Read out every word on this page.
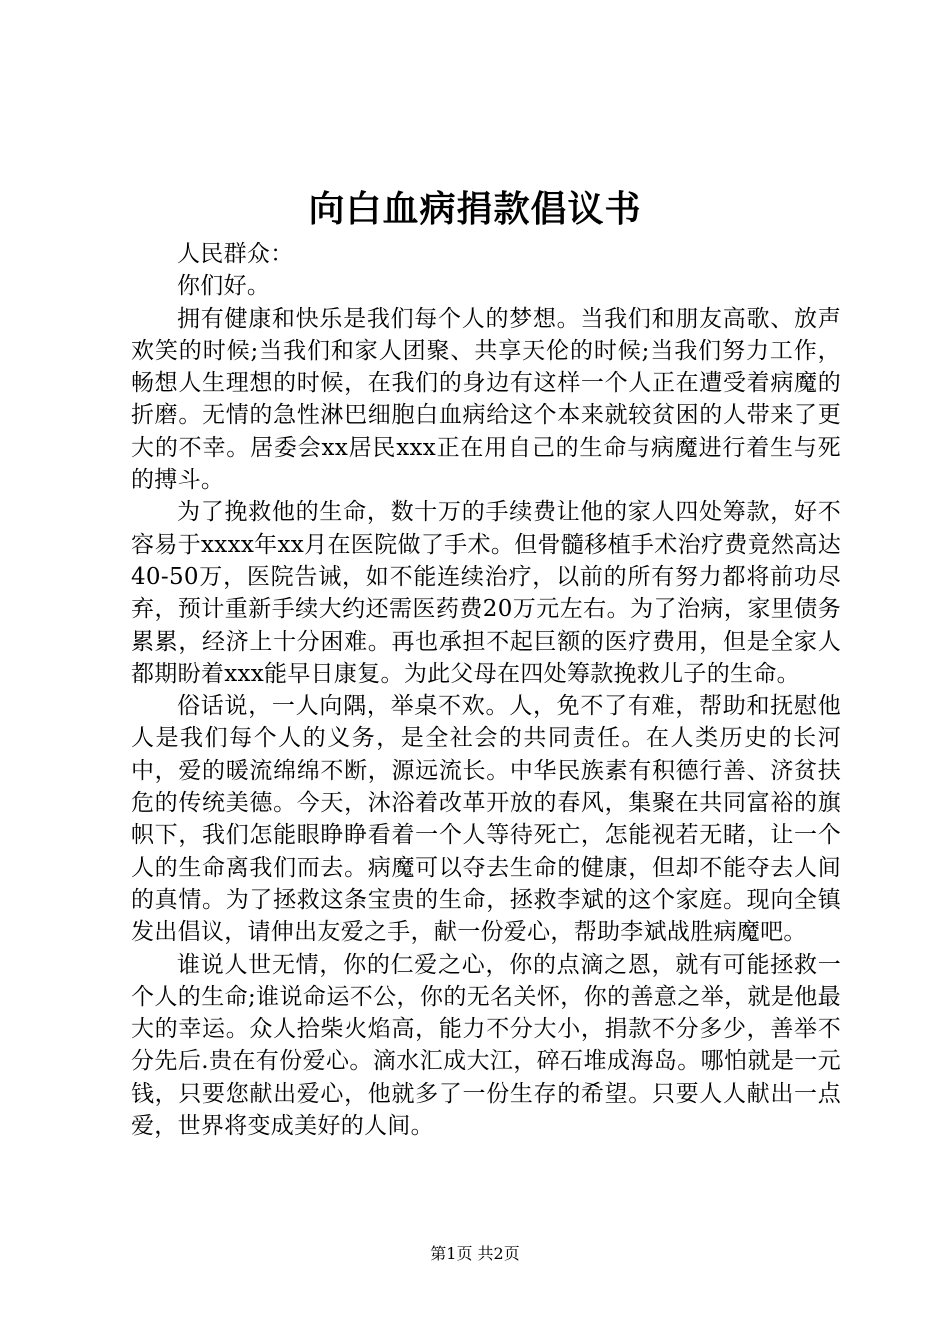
向白血病捐款倡议书

人民群众：

你们好。

拥有健康和快乐是我们每个人的梦想。当我们和朋友高歌、放声欢笑的时候;当我们和家人团聚、共享天伦的时候;当我们努力工作，畅想人生理想的时候，在我们的身边有这样一个人正在遭受着病魔的折磨。无情的急性淋巴细胞白血病给这个本来就较贫困的人带来了更大的不幸。居委会xx居民xxx正在用自己的生命与病魔进行着生与死的搏斗。

为了挽救他的生命，数十万的手续费让他的家人四处筹款，好不容易于xxxx年xx月在医院做了手术。但骨髓移植手术治疗费竟然高达40-50万，医院告诫，如不能连续治疗，以前的所有努力都将前功尽弃，预计重新手续大约还需医药费20万元左右。为了治病，家里债务累累，经济上十分困难。再也承担不起巨额的医疗费用，但是全家人都期盼着xxx能早日康复。为此父母在四处筹款挽救儿子的生命。

俗话说，一人向隅，举桌不欢。人，免不了有难，帮助和抚慰他人是我们每个人的义务，是全社会的共同责任。在人类历史的长河中，爱的暖流绵绵不断，源远流长。中华民族素有积德行善、济贫扶危的传统美德。今天，沐浴着改革开放的春风，集聚在共同富裕的旗帜下，我们怎能眼睁睁看着一个人等待死亡，怎能视若无睹，让一个人的生命离我们而去。病魔可以夺去生命的健康，但却不能夺去人间的真情。为了拯救这条宝贵的生命，拯救李斌的这个家庭。现向全镇发出倡议，请伸出友爱之手，献一份爱心，帮助李斌战胜病魔吧。

谁说人世无情，你的仁爱之心，你的点滴之恩，就有可能拯救一个人的生命;谁说命运不公，你的无名关怀，你的善意之举，就是他最大的幸运。众人拾柴火焰高，能力不分大小，捐款不分多少，善举不分先后.贵在有份爱心。滴水汇成大江，碎石堆成海岛。哪怕就是一元钱，只要您献出爱心，他就多了一份生存的希望。只要人人献出一点爱，世界将变成美好的人间。

第1页 共2页
